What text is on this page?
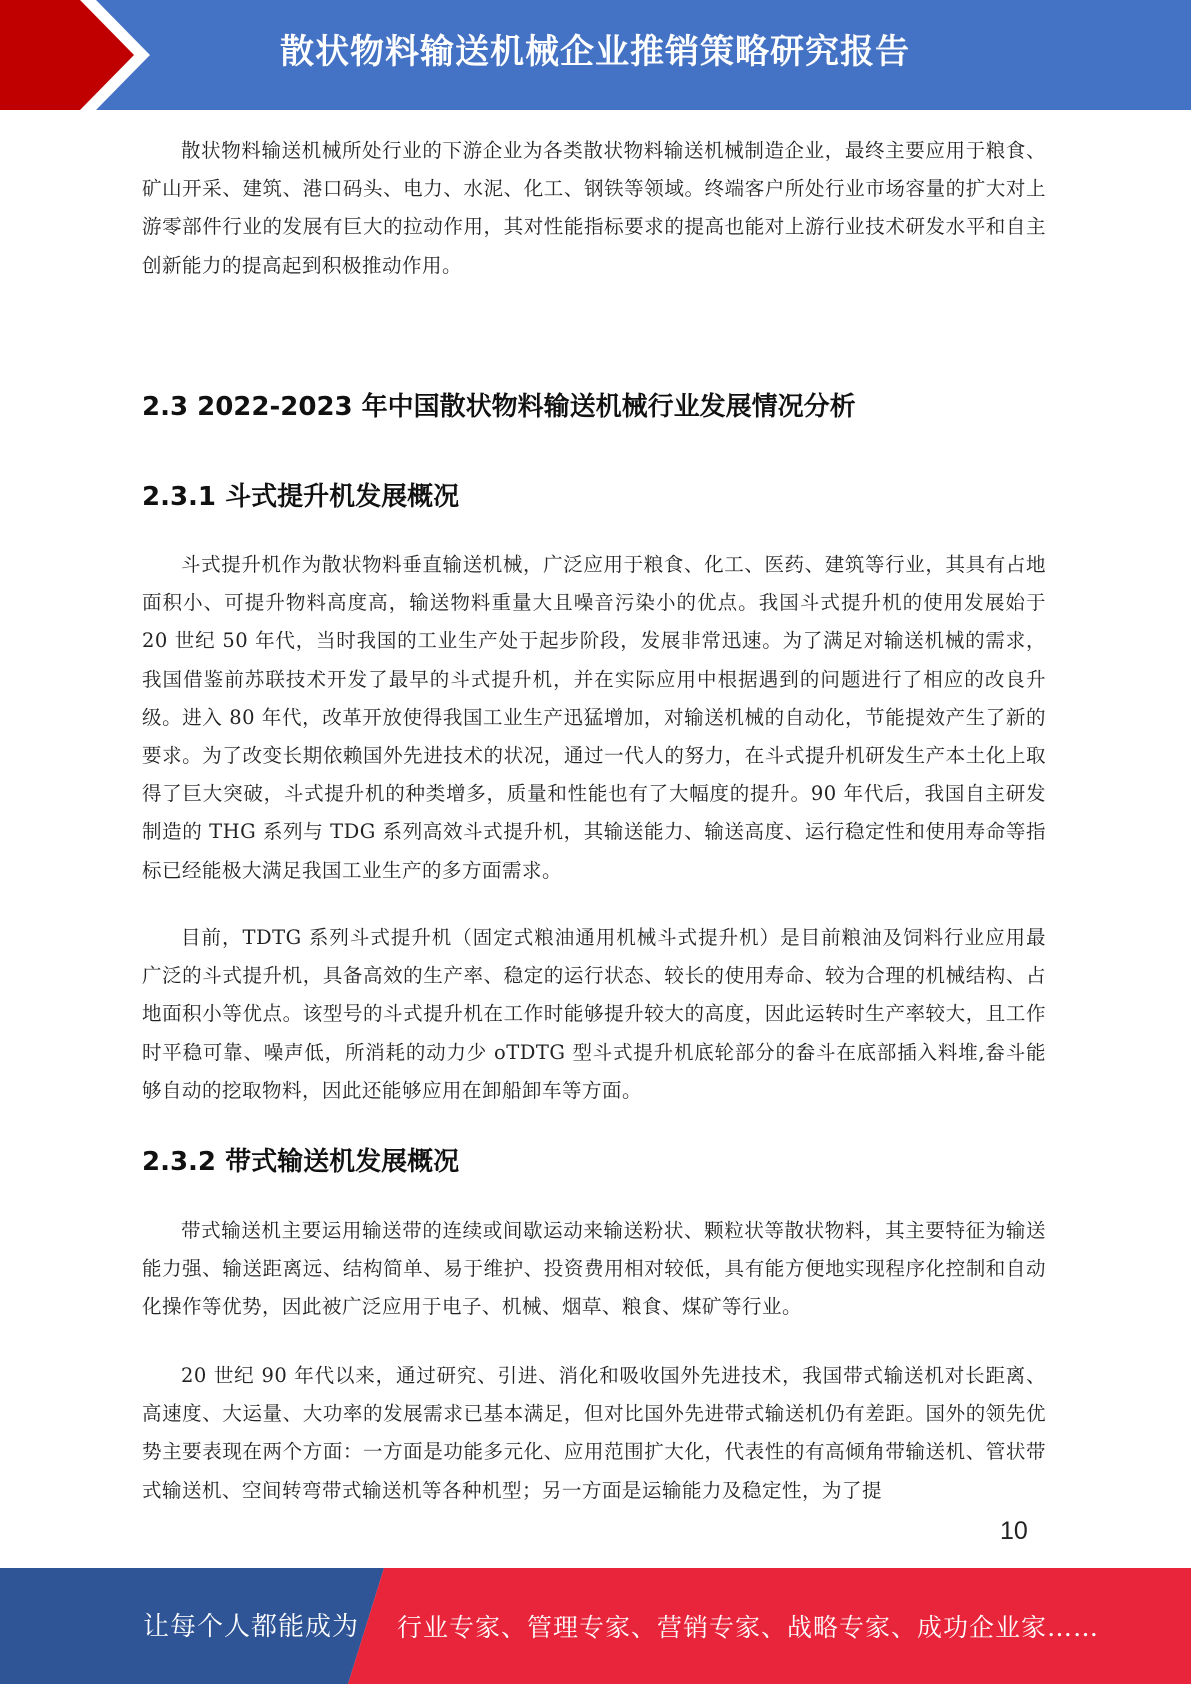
散状物料输送机械企业推销策略研究报告

散状物料输送机械所处行业的下游企业为各类散状物料输送机械制造企业，最终主要应用于粮食、矿山开采、建筑、港口码头、电力、水泥、化工、钢铁等领域。终端客户所处行业市场容量的扩大对上游零部件行业的发展有巨大的拉动作用，其对性能指标要求的提高也能对上游行业技术研发水平和自主创新能力的提高起到积极推动作用。

2.3 2022-2023 年中国散状物料输送机械行业发展情况分析
2.3.1 斗式提升机发展概况

斗式提升机作为散状物料垂直输送机械，广泛应用于粮食、化工、医药、建筑等行业，其具有占地面积小、可提升物料高度高，输送物料重量大且噪音污染小的优点。我国斗式提升机的使用发展始于 20 世纪 50 年代，当时我国的工业生产处于起步阶段，发展非常迅速。为了满足对输送机械的需求，我国借鉴前苏联技术开发了最早的斗式提升机，并在实际应用中根据遇到的问题进行了相应的改良升级。进入 80 年代，改革开放使得我国工业生产迅猛增加，对输送机械的自动化，节能提效产生了新的要求。为了改变长期依赖国外先进技术的状况，通过一代人的努力，在斗式提升机研发生产本土化上取得了巨大突破，斗式提升机的种类增多，质量和性能也有了大幅度的提升。90 年代后，我国自主研发制造的 THG 系列与 TDG 系列高效斗式提升机，其输送能力、输送高度、运行稳定性和使用寿命等指标已经能极大满足我国工业生产的多方面需求。

目前，TDTG 系列斗式提升机（固定式粮油通用机械斗式提升机）是目前粮油及饲料行业应用最广泛的斗式提升机，具备高效的生产率、稳定的运行状态、较长的使用寿命、较为合理的机械结构、占地面积小等优点。该型号的斗式提升机在工作时能够提升较大的高度，因此运转时生产率较大，且工作时平稳可靠、噪声低，所消耗的动力少 oTDTG 型斗式提升机底轮部分的畚斗在底部插入料堆,畚斗能够自动的挖取物料，因此还能够应用在卸船卸车等方面。

2.3.2 带式输送机发展概况

带式输送机主要运用输送带的连续或间歇运动来输送粉状、颗粒状等散状物料，其主要特征为输送能力强、输送距离远、结构简单、易于维护、投资费用相对较低，具有能方便地实现程序化控制和自动化操作等优势，因此被广泛应用于电子、机械、烟草、粮食、煤矿等行业。

20 世纪 90 年代以来，通过研究、引进、消化和吸收国外先进技术，我国带式输送机对长距离、高速度、大运量、大功率的发展需求已基本满足，但对比国外先进带式输送机仍有差距。国外的领先优势主要表现在两个方面：一方面是功能多元化、应用范围扩大化，代表性的有高倾角带输送机、管状带式输送机、空间转弯带式输送机等各种机型；另一方面是运输能力及稳定性，为了提

10
让每个人都能成为 行业专家、管理专家、营销专家、战略专家、成功企业家……
